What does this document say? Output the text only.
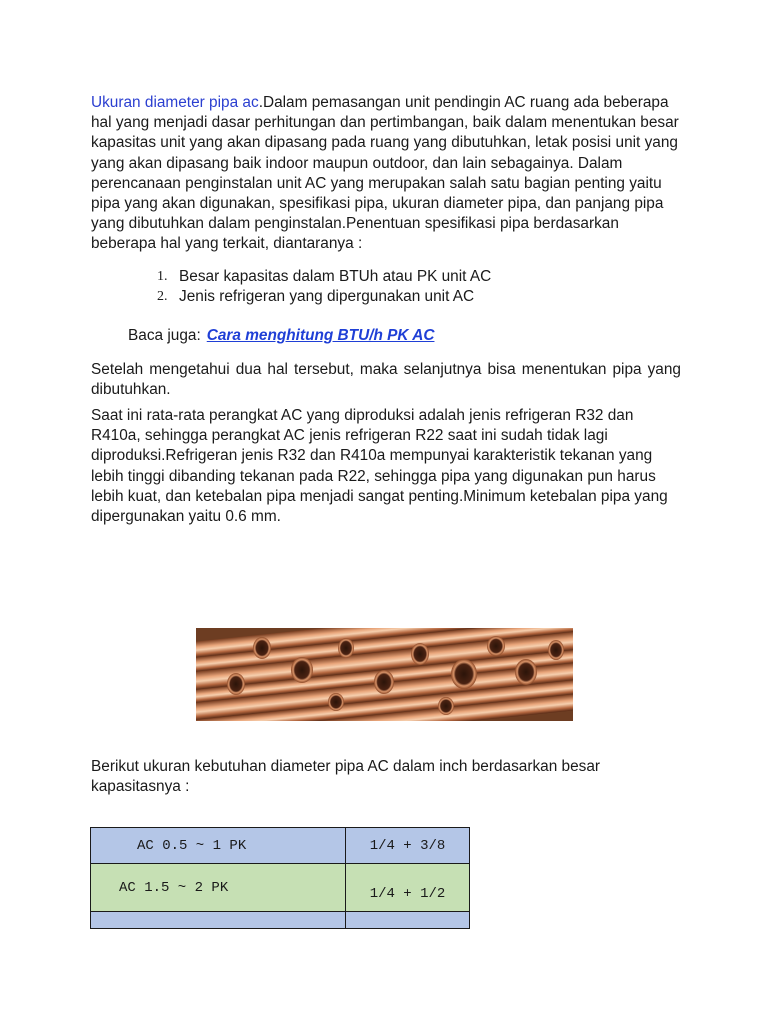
Ukuran diameter pipa ac.Dalam pemasangan unit pendingin AC ruang ada beberapa hal yang menjadi dasar perhitungan dan pertimbangan, baik dalam menentukan besar kapasitas unit yang akan dipasang pada ruang yang dibutuhkan, letak posisi unit yang yang akan dipasang baik indoor maupun outdoor, dan lain sebagainya. Dalam perencanaan penginstalan unit AC yang merupakan salah satu bagian penting yaitu pipa yang akan digunakan, spesifikasi pipa, ukuran diameter pipa, dan panjang pipa yang dibutuhkan dalam penginstalan.Penentuan spesifikasi pipa berdasarkan beberapa hal yang terkait, diantaranya :

1. Besar kapasitas dalam BTUh atau PK unit AC
2. Jenis refrigeran yang dipergunakan unit AC
Baca juga: Cara menghitung BTU/h PK AC

Setelah mengetahui dua hal tersebut, maka selanjutnya bisa menentukan pipa yang dibutuhkan.

Saat ini rata-rata perangkat AC yang diproduksi adalah jenis refrigeran R32 dan R410a, sehingga perangkat AC jenis refrigeran R22 saat ini sudah tidak lagi diproduksi.Refrigeran jenis R32 dan R410a mempunyai karakteristik tekanan yang lebih tinggi dibanding tekanan pada R22, sehingga pipa yang digunakan pun harus lebih kuat, dan ketebalan pipa menjadi sangat penting.Minimum ketebalan pipa yang dipergunakan yaitu 0.6 mm.

Berikut ukuran kebutuhan diameter pipa AC dalam inch berdasarkan besar kapasitasnya :

AC 0.5 ~ 1 PK	1/4 + 3/8
AC 1.5 ~ 2 PK	1/4 + 1/2
